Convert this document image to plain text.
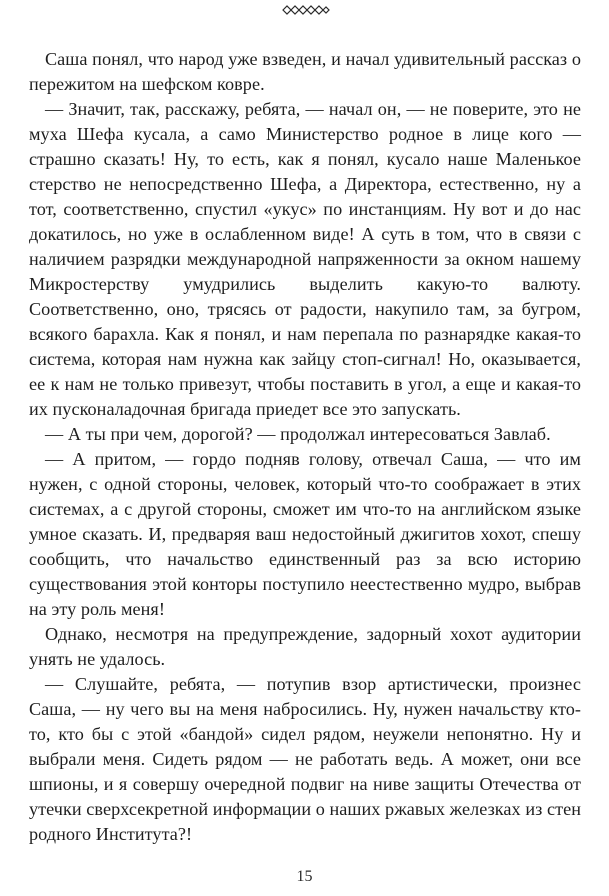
Саша понял, что народ уже взведен, и начал удивительный рассказ о пережитом на шефском ковре.

— Значит, так, расскажу, ребята, — начал он, — не поверите, это не муха Шефа кусала, а само Министерство родное в лице кого — страшно сказать! Ну, то есть, как я понял, кусало наше Маленькое стерство не непосредственно Шефа, а Директора, естественно, ну а тот, соответственно, спустил «укус» по инстанциям. Ну вот и до нас докатилось, но уже в ослабленном виде! А суть в том, что в связи с наличием разрядки международной напряженности за окном нашему Микростерству умудрились выделить какую-то валюту. Соответственно, оно, трясясь от радости, накупило там, за бугром, всякого барахла. Как я понял, и нам перепала по разнарядке какая-то система, которая нам нужна как зайцу стоп-сигнал! Но, оказывается, ее к нам не только привезут, чтобы поставить в угол, а еще и какая-то их пусконаладочная бригада приедет все это запускать.

— А ты при чем, дорогой? — продолжал интересоваться Завлаб.

— А притом, — гордо подняв голову, отвечал Саша, — что им нужен, с одной стороны, человек, который что-то соображает в этих системах, а с другой стороны, сможет им что-то на английском языке умное сказать. И, предваряя ваш недостойный джигитов хохот, спешу сообщить, что начальство единственный раз за всю историю существования этой конторы поступило неестественно мудро, выбрав на эту роль меня!

Однако, несмотря на предупреждение, задорный хохот аудитории унять не удалось.

— Слушайте, ребята, — потупив взор артистически, произнес Саша, — ну чего вы на меня набросились. Ну, нужен начальству кто-то, кто бы с этой «бандой» сидел рядом, неужели непонятно. Ну и выбрали меня. Сидеть рядом — не работать ведь. А может, они все шпионы, и я совершу очередной подвиг на ниве защиты Отечества от утечки сверхсекретной информации о наших ржавых железках из стен родного Института?!

15
